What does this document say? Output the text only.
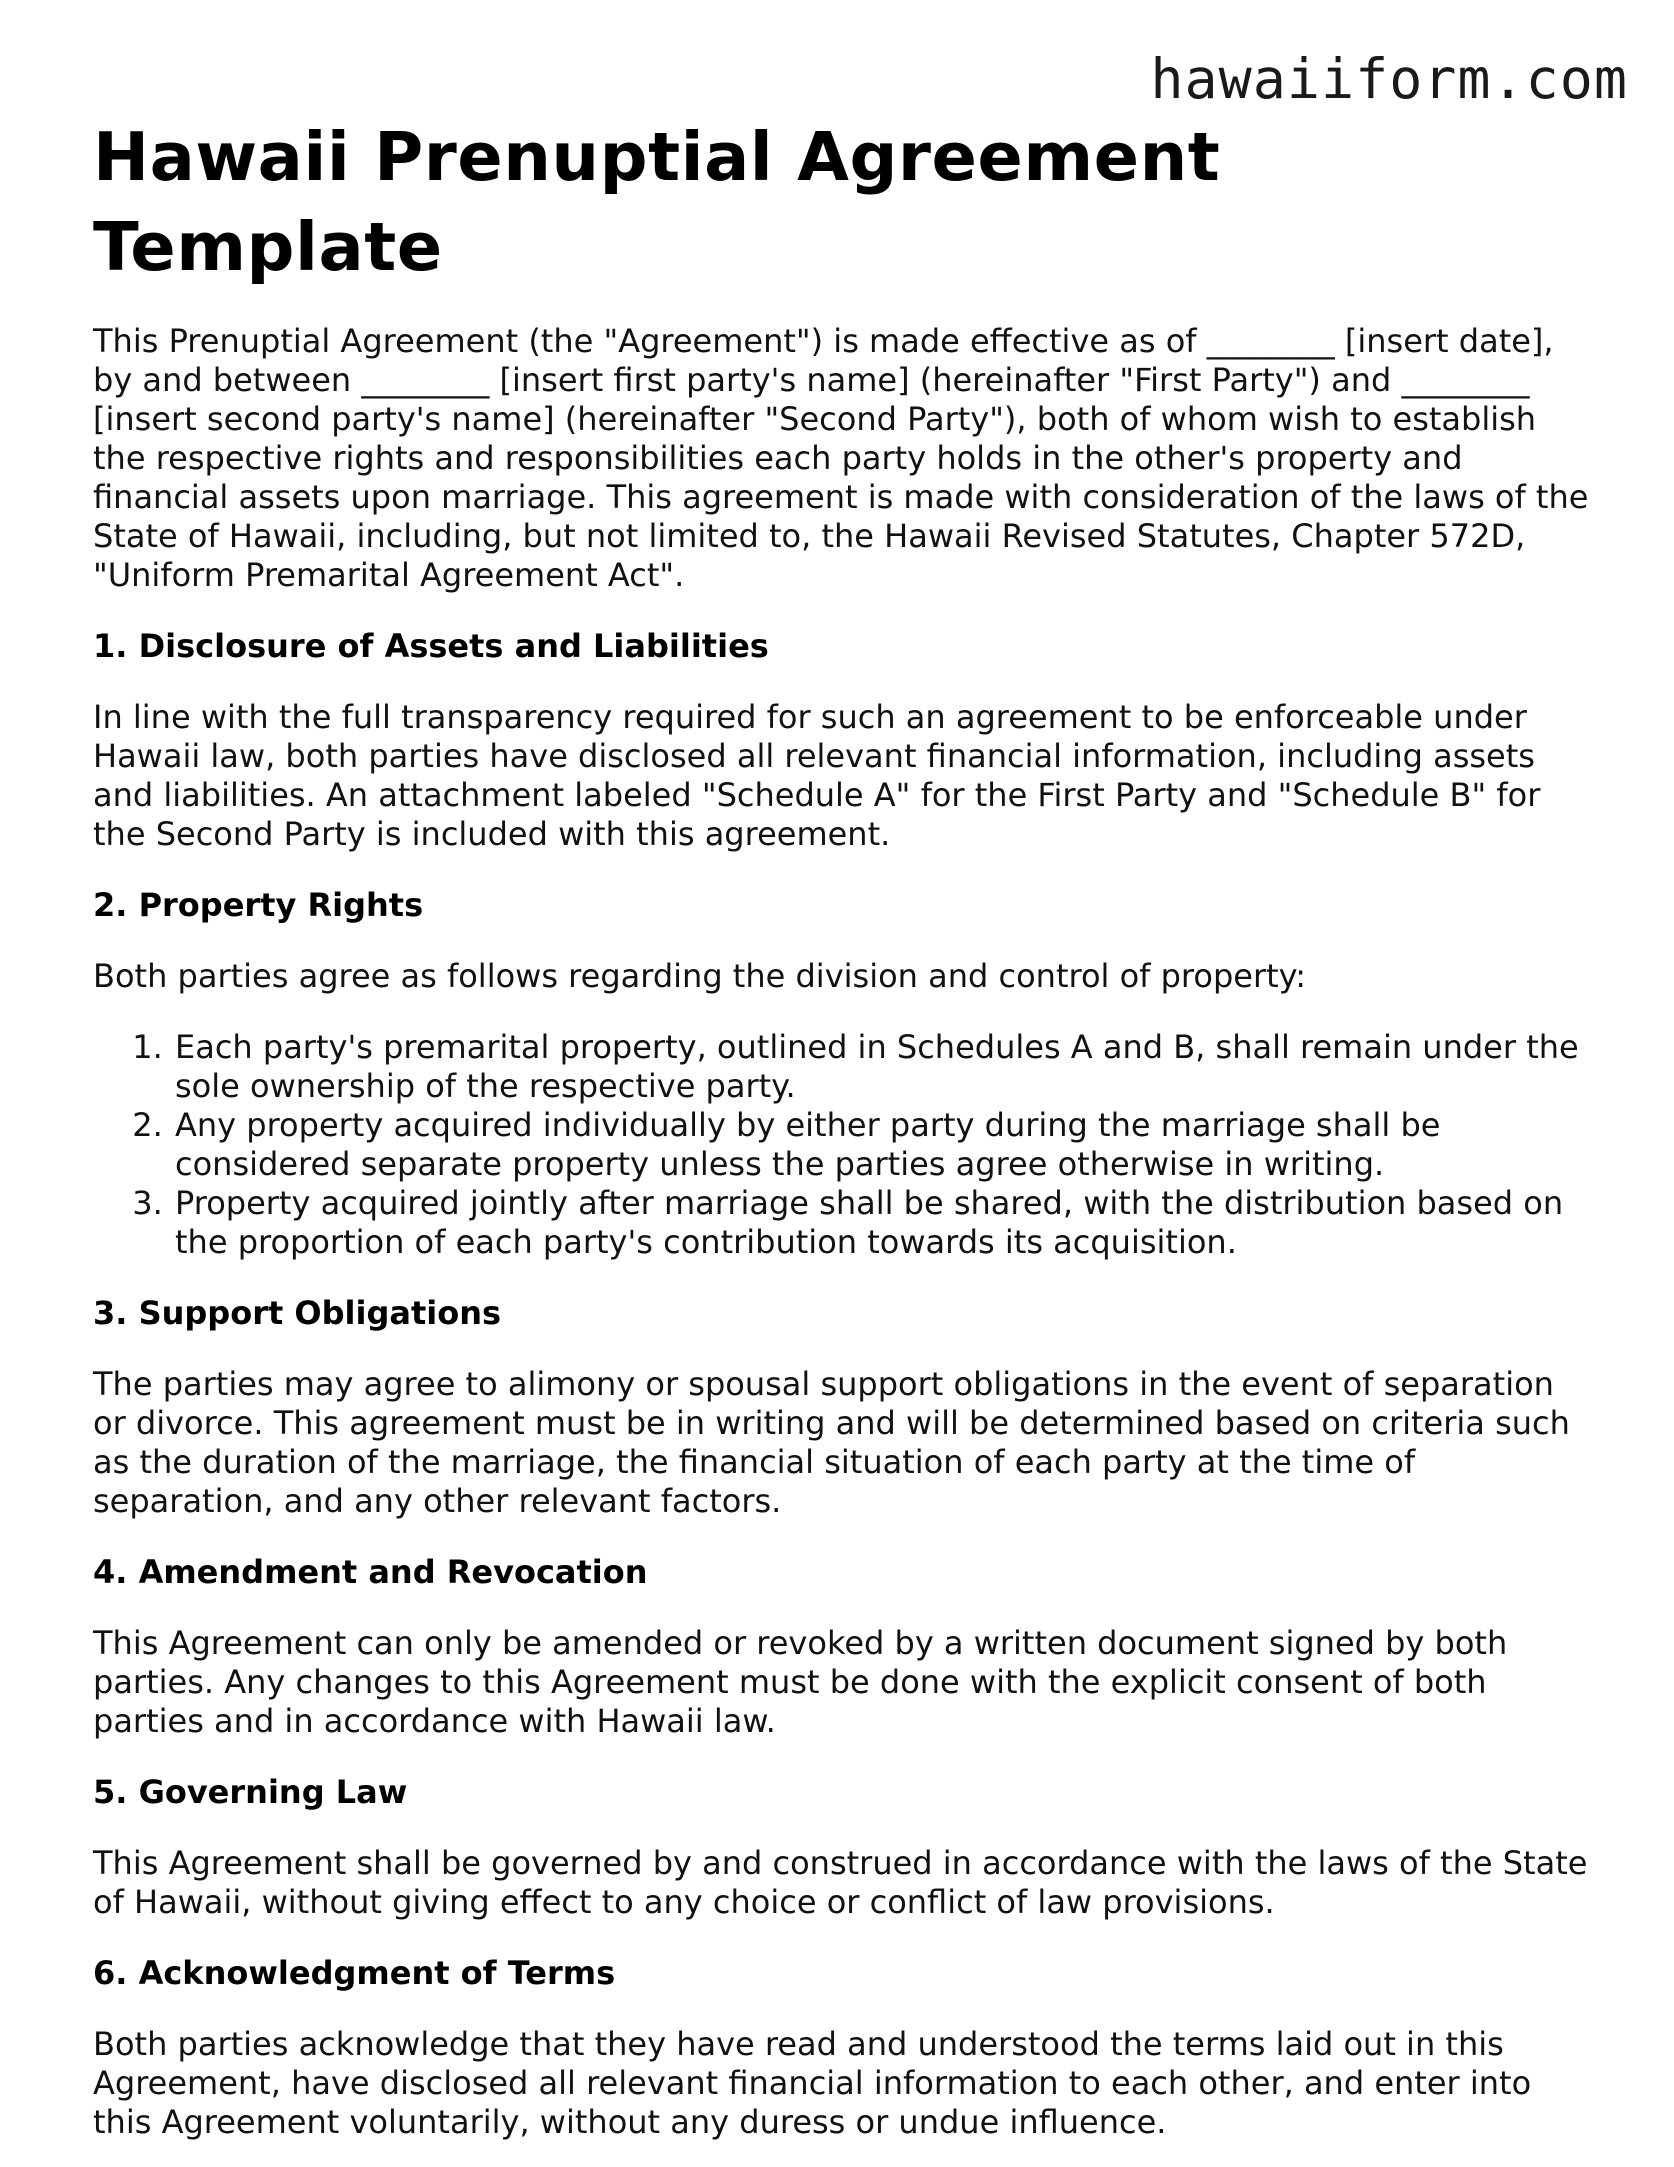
hawaiiform.com
Hawaii Prenuptial Agreement Template

This Prenuptial Agreement (the "Agreement") is made effective as of ________ [insert date], by and between ________ [insert first party's name] (hereinafter "First Party") and ________ [insert second party's name] (hereinafter "Second Party"), both of whom wish to establish the respective rights and responsibilities each party holds in the other's property and financial assets upon marriage. This agreement is made with consideration of the laws of the State of Hawaii, including, but not limited to, the Hawaii Revised Statutes, Chapter 572D, "Uniform Premarital Agreement Act".

1. Disclosure of Assets and Liabilities

In line with the full transparency required for such an agreement to be enforceable under Hawaii law, both parties have disclosed all relevant financial information, including assets and liabilities. An attachment labeled "Schedule A" for the First Party and "Schedule B" for the Second Party is included with this agreement.

2. Property Rights

Both parties agree as follows regarding the division and control of property:

1. Each party's premarital property, outlined in Schedules A and B, shall remain under the sole ownership of the respective party.
2. Any property acquired individually by either party during the marriage shall be considered separate property unless the parties agree otherwise in writing.
3. Property acquired jointly after marriage shall be shared, with the distribution based on the proportion of each party's contribution towards its acquisition.
3. Support Obligations

The parties may agree to alimony or spousal support obligations in the event of separation or divorce. This agreement must be in writing and will be determined based on criteria such as the duration of the marriage, the financial situation of each party at the time of separation, and any other relevant factors.

4. Amendment and Revocation

This Agreement can only be amended or revoked by a written document signed by both parties. Any changes to this Agreement must be done with the explicit consent of both parties and in accordance with Hawaii law.

5. Governing Law

This Agreement shall be governed by and construed in accordance with the laws of the State of Hawaii, without giving effect to any choice or conflict of law provisions.

6. Acknowledgment of Terms

Both parties acknowledge that they have read and understood the terms laid out in this Agreement, have disclosed all relevant financial information to each other, and enter into this Agreement voluntarily, without any duress or undue influence.
